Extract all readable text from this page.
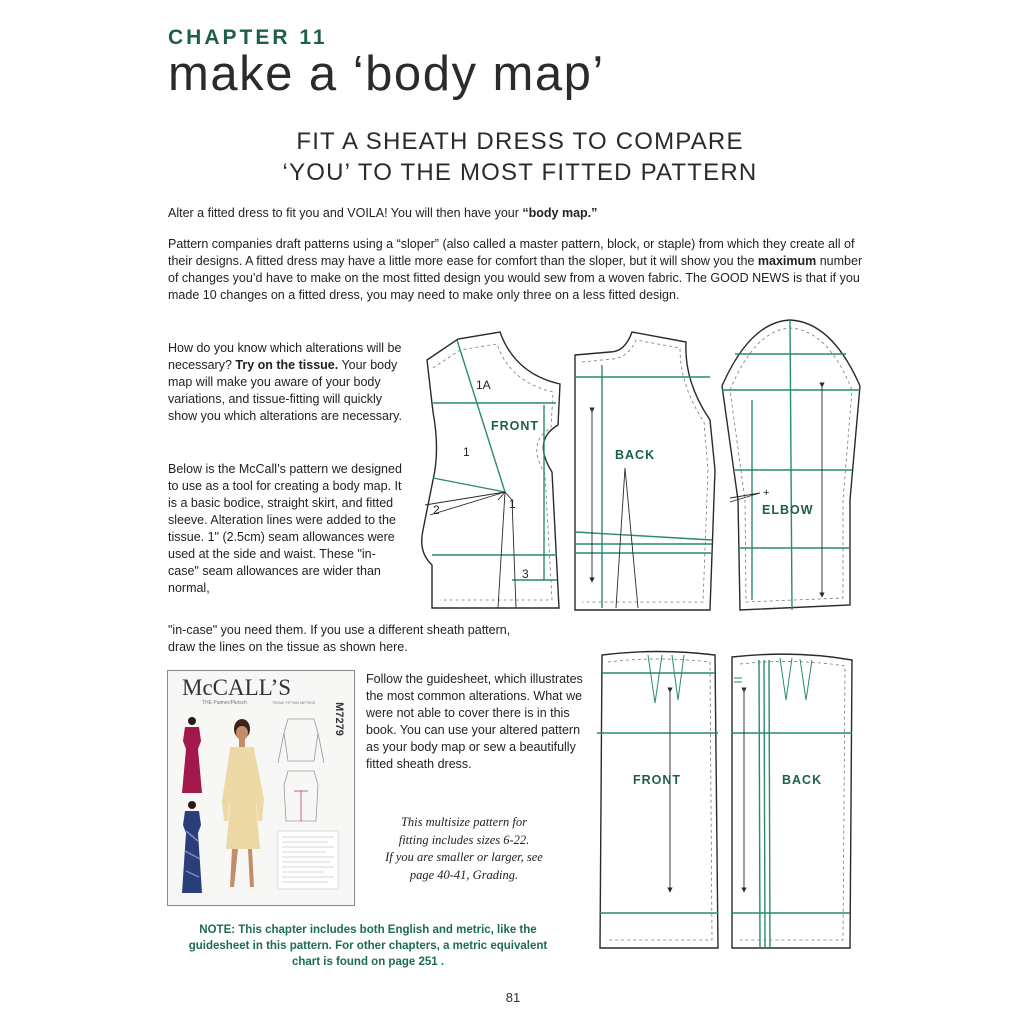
CHAPTER 11
make a ‘body map’
FIT A SHEATH DRESS TO COMPARE
‘YOU’ TO THE MOST FITTED PATTERN
Alter a fitted dress to fit you and VOILA! You will then have your “body map.”
Pattern companies draft patterns using a “sloper” (also called a master pattern, block, or staple) from which they create all of their designs. A fitted dress may have a little more ease for comfort than the sloper, but it will show you the maximum number of changes you’d have to make on the most fitted design you would sew from a woven fabric. The GOOD NEWS is that if you made 10 changes on a fitted dress, you may need to make only three on a less fitted design.
How do you know which alterations will be necessary? Try on the tissue. Your body map will make you aware of your body variations, and tissue-fitting will quickly show you which alterations are necessary.
Below is the McCall’s pattern we designed to use as a tool for creating a body map. It is a basic bodice, straight skirt, and fitted sleeve. Alteration lines were added to the tissue. 1" (2.5cm) seam allowances were used at the side and waist. These "in-case" seam allowances are wider than normal,
"in-case" you need them. If you use a different sheath pattern, draw the lines on the tissue as shown here.
Follow the guidesheet, which illustrates the most common alterations. What we were not able to cover there is in this book. You can use your altered pattern as your body map or sew a beautifully fitted sheath dress.
This multisize pattern for
fitting includes sizes 6-22.
If you are smaller or larger, see
page 40-41, Grading.
NOTE: This chapter includes both English and metric, like the
guidesheet in this pattern. For other chapters, a metric equivalent
chart is found on page 251 .
81
McCALL’S
THE Palmer/Pletsch	TISSUE FITTING METHOD M7279
FRONT
BACK
ELBOW
FRONT	BACK
1A
1
1
2
3
+
